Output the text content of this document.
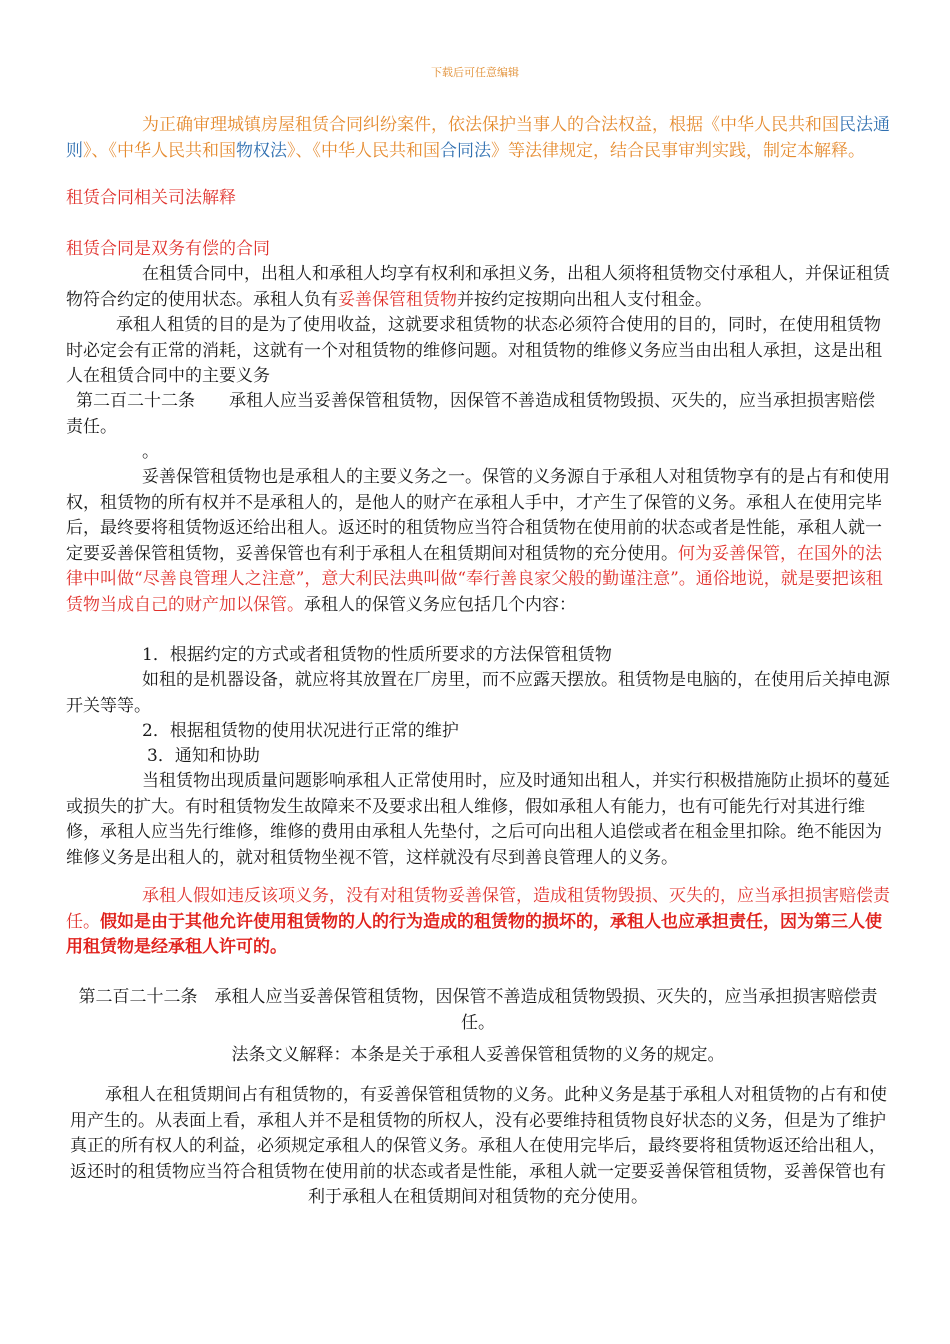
下载后可任意编辑
为正确审理城镇房屋租赁合同纠纷案件，依法保护当事人的合法权益，根据《中华人民共和国民法通则》、《中华人民共和国物权法》、《中华人民共和国合同法》等法律规定，结合民事审判实践，制定本解释。
租赁合同相关司法解释
租赁合同是双务有偿的合同
在租赁合同中，出租人和承租人均享有权利和承担义务，出租人须将租赁物交付承租人，并保证租赁物符合约定的使用状态。承租人负有妥善保管租赁物并按约定按期向出租人支付租金。
承租人租赁的目的是为了使用收益，这就要求租赁物的状态必须符合使用的目的，同时，在使用租赁物时必定会有正常的消耗，这就有一个对租赁物的维修问题。对租赁物的维修义务应当由出租人承担，这是出租人在租赁合同中的主要义务
第二百二十二条　　承租人应当妥善保管租赁物，因保管不善造成租赁物毁损、灭失的，应当承担损害赔偿责任。
。
妥善保管租赁物也是承租人的主要义务之一。保管的义务源自于承租人对租赁物享有的是占有和使用权，租赁物的所有权并不是承租人的，是他人的财产在承租人手中，才产生了保管的义务。承租人在使用完毕后，最终要将租赁物返还给出租人。返还时的租赁物应当符合租赁物在使用前的状态或者是性能，承租人就一定要妥善保管租赁物，妥善保管也有利于承租人在租赁期间对租赁物的充分使用。何为妥善保管，在国外的法律中叫做“尽善良管理人之注意”，意大利民法典叫做“奉行善良家父般的勤谨注意”。通俗地说，就是要把该租赁物当成自己的财产加以保管。承租人的保管义务应包括几个内容：
1．根据约定的方式或者租赁物的性质所要求的方法保管租赁物
如租的是机器设备，就应将其放置在厂房里，而不应露天摆放。租赁物是电脑的，在使用后关掉电源开关等等。
2．根据租赁物的使用状况进行正常的维护
3．通知和协助
当租赁物出现质量问题影响承租人正常使用时，应及时通知出租人，并实行积极措施防止损坏的蔓延或损失的扩大。有时租赁物发生故障来不及要求出租人维修，假如承租人有能力，也有可能先行对其进行维修，承租人应当先行维修，维修的费用由承租人先垫付，之后可向出租人追偿或者在租金里扣除。绝不能因为维修义务是出租人的，就对租赁物坐视不管，这样就没有尽到善良管理人的义务。
承租人假如违反该项义务，没有对租赁物妥善保管，造成租赁物毁损、灭失的，应当承担损害赔偿责任。假如是由于其他允许使用租赁物的人的行为造成的租赁物的损坏的，承租人也应承担责任，因为第三人使用租赁物是经承租人许可的。
第二百二十二条　承租人应当妥善保管租赁物，因保管不善造成租赁物毁损、灭失的，应当承担损害赔偿责任。
法条文义解释：本条是关于承租人妥善保管租赁物的义务的规定。
承租人在租赁期间占有租赁物的，有妥善保管租赁物的义务。此种义务是基于承租人对租赁物的占有和使用产生的。从表面上看，承租人并不是租赁物的所权人，没有必要维持租赁物良好状态的义务，但是为了维护真正的所有权人的利益，必须规定承租人的保管义务。承租人在使用完毕后，最终要将租赁物返还给出租人，返还时的租赁物应当符合租赁物在使用前的状态或者是性能，承租人就一定要妥善保管租赁物，妥善保管也有利于承租人在租赁期间对租赁物的充分使用。
